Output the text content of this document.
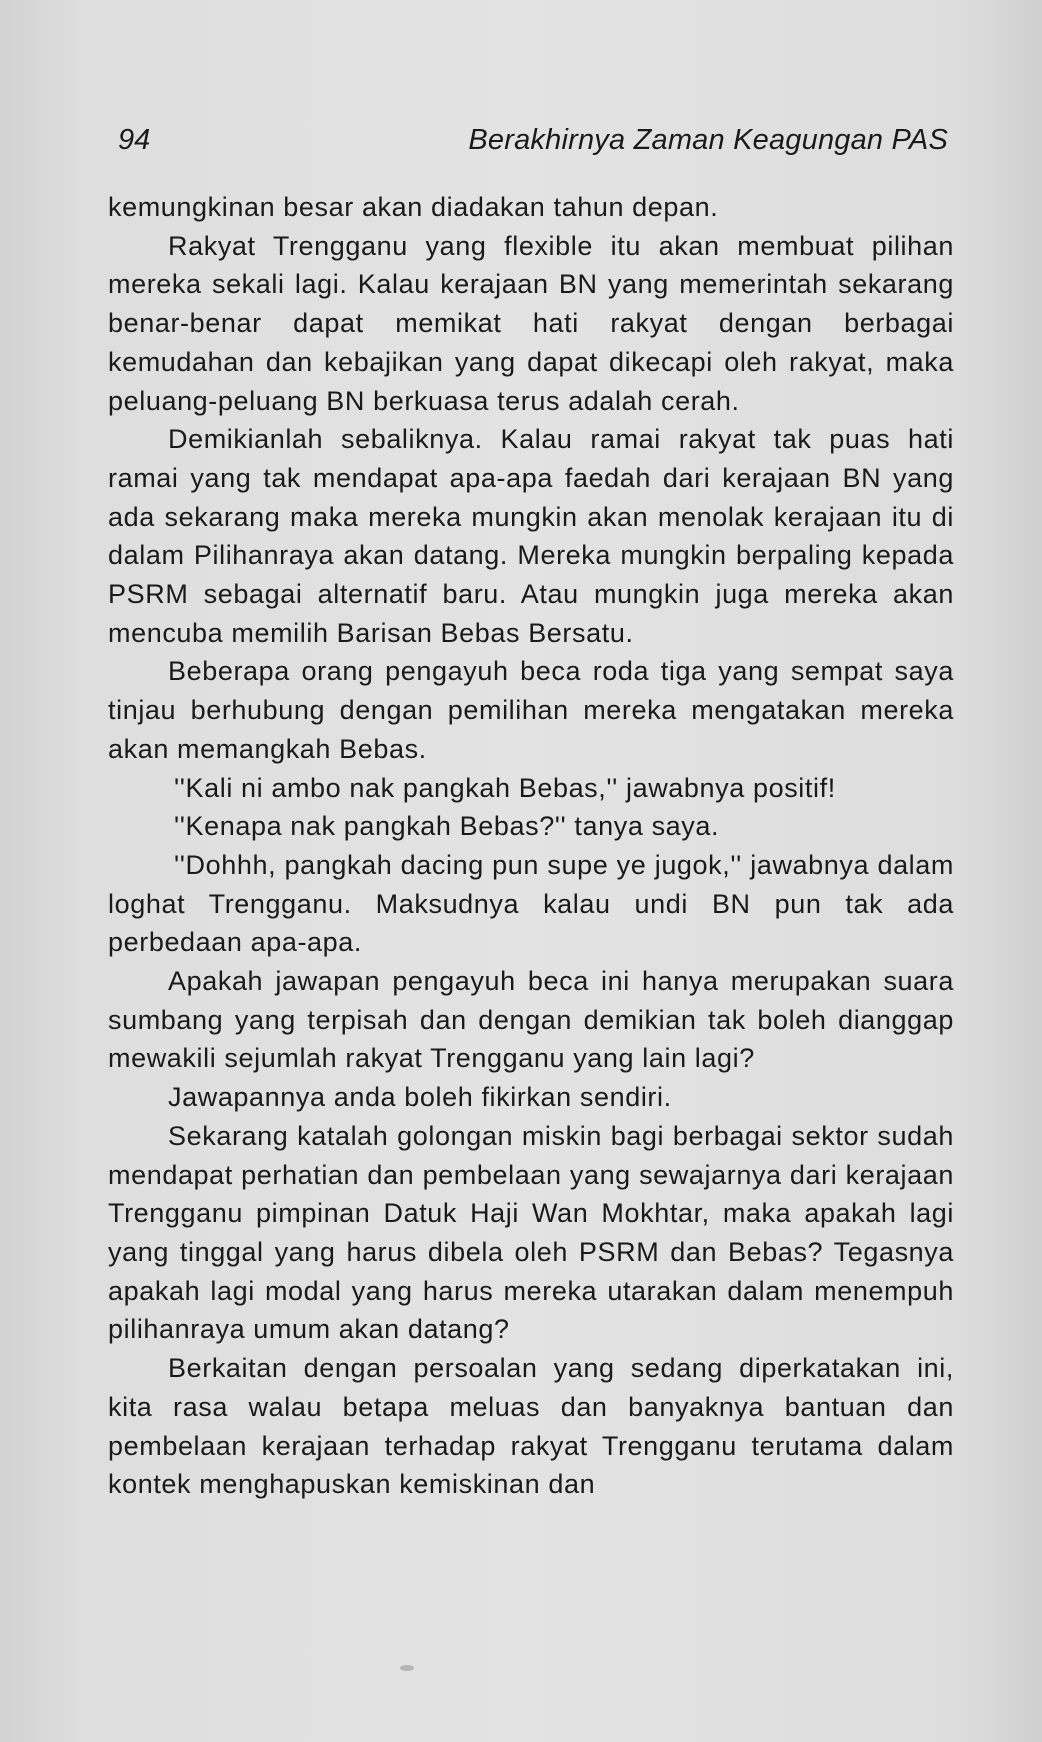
94	Berakhirnya Zaman Keagungan PAS

kemungkinan besar akan diadakan tahun depan.

Rakyat Trengganu yang flexible itu akan membuat pilihan mereka sekali lagi. Kalau kerajaan BN yang memerintah sekarang benar-benar dapat memikat hati rakyat dengan berbagai kemudahan dan kebajikan yang dapat dikecapi oleh rakyat, maka peluang-peluang BN berkuasa terus adalah cerah.

Demikianlah sebaliknya. Kalau ramai rakyat tak puas hati ramai yang tak mendapat apa-apa faedah dari kerajaan BN yang ada sekarang maka mereka mungkin akan menolak kerajaan itu di dalam Pilihanraya akan datang. Mereka mungkin berpaling kepada PSRM sebagai alternatif baru. Atau mungkin juga mereka akan mencuba memilih Barisan Bebas Bersatu.

Beberapa orang pengayuh beca roda tiga yang sempat saya tinjau berhubung dengan pemilihan mereka mengatakan mereka akan memangkah Bebas.

''Kali ni ambo nak pangkah Bebas,'' jawabnya positif!

''Kenapa nak pangkah Bebas?'' tanya saya.

''Dohhh, pangkah dacing pun supe ye jugok,'' jawabnya dalam loghat Trengganu. Maksudnya kalau undi BN pun tak ada perbedaan apa-apa.

Apakah jawapan pengayuh beca ini hanya merupakan suara sumbang yang terpisah dan dengan demikian tak boleh dianggap mewakili sejumlah rakyat Trengganu yang lain lagi?

Jawapannya anda boleh fikirkan sendiri.

Sekarang katalah golongan miskin bagi berbagai sektor sudah mendapat perhatian dan pembelaan yang sewajarnya dari kerajaan Trengganu pimpinan Datuk Haji Wan Mokhtar, maka apakah lagi yang tinggal yang harus dibela oleh PSRM dan Bebas? Tegasnya apakah lagi modal yang harus mereka utarakan dalam menempuh pilihanraya umum akan datang?

Berkaitan dengan persoalan yang sedang diperkatakan ini, kita rasa walau betapa meluas dan banyaknya bantuan dan pembelaan kerajaan terhadap rakyat Trengganu terutama dalam kontek menghapuskan kemiskinan dan
